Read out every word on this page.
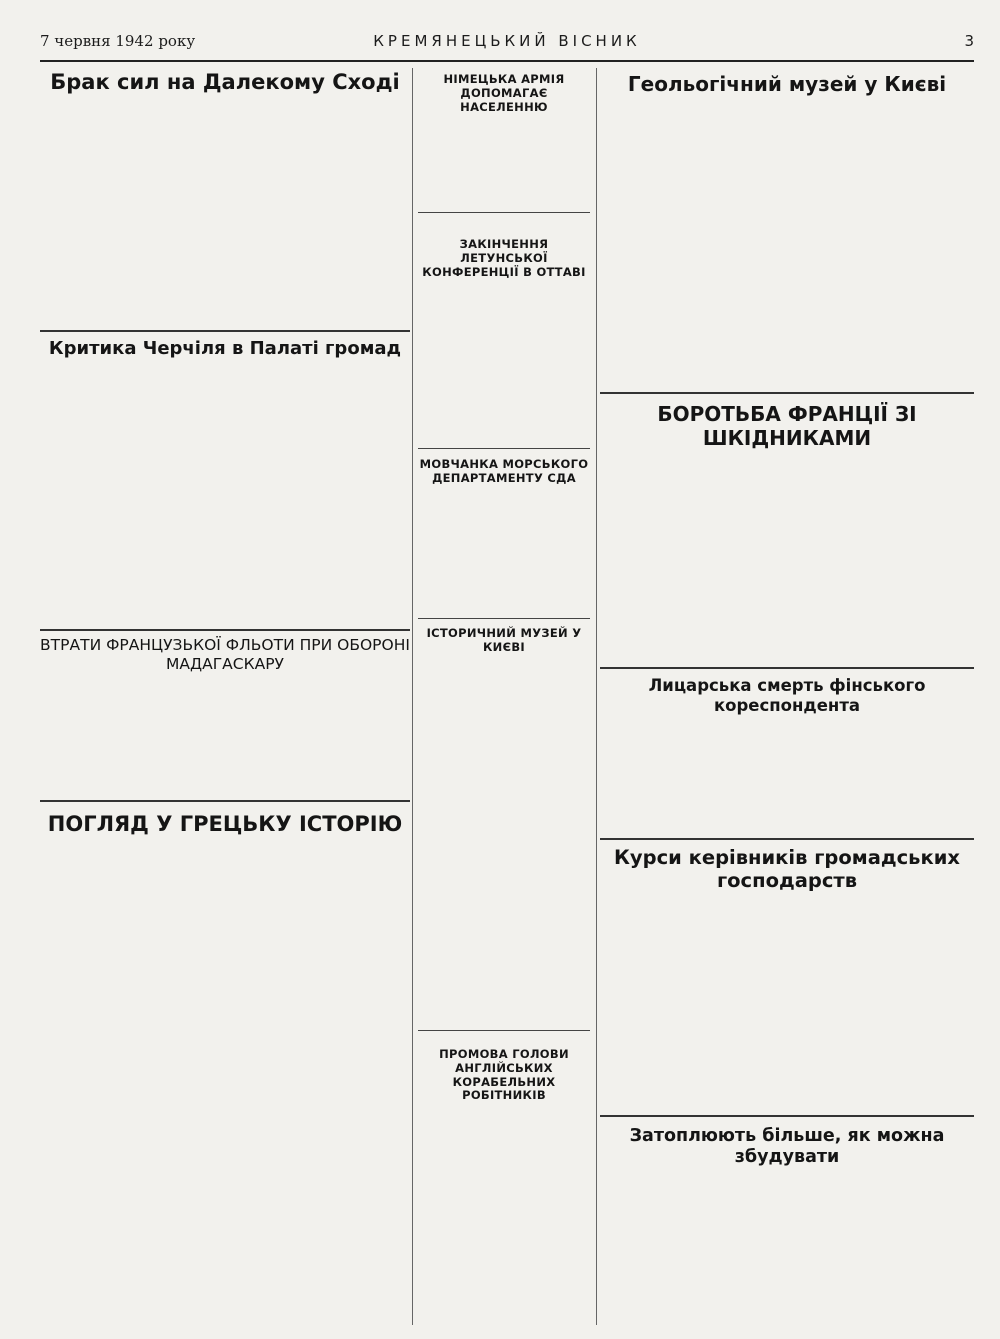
7 червня 1942 року	КРЕМЯНЕЦЬКИЙ ВІСНИК	3
Брак сил на Далекому Сході
Критика Черчіля в Палаті громад
ВТРАТИ ФРАНЦУЗЬКОЇ ФЛЬОТИ ПРИ ОБОРОНІ МАДАГАСКАРУ
ПОГЛЯД У ГРЕЦЬКУ ІСТОРІЮ
НІМЕЦЬКА АРМІЯ ДОПОМАГАЄ НАСЕЛЕННЮ
ЗАКІНЧЕННЯ ЛЕТУНСЬКОЇ КОНФЕРЕНЦІЇ В ОТТАВІ
МОВЧАНКА МОРСЬКОГО ДЕПАРТАМЕНТУ СДА
ІСТОРИЧНИЙ МУЗЕЙ У КИЄВІ
ПРОМОВА ГОЛОВИ АНГЛІЙСЬКИХ КОРАБЕЛЬНИХ РОБІТНИКІВ
Геольогічний музей у Києві
БОРОТЬБА ФРАНЦІЇ ЗІ ШКІДНИКАМИ
Лицарська смерть фінського кореспондента
Курси керівників громадських господарств
Затоплюють більше, як можна збудувати
